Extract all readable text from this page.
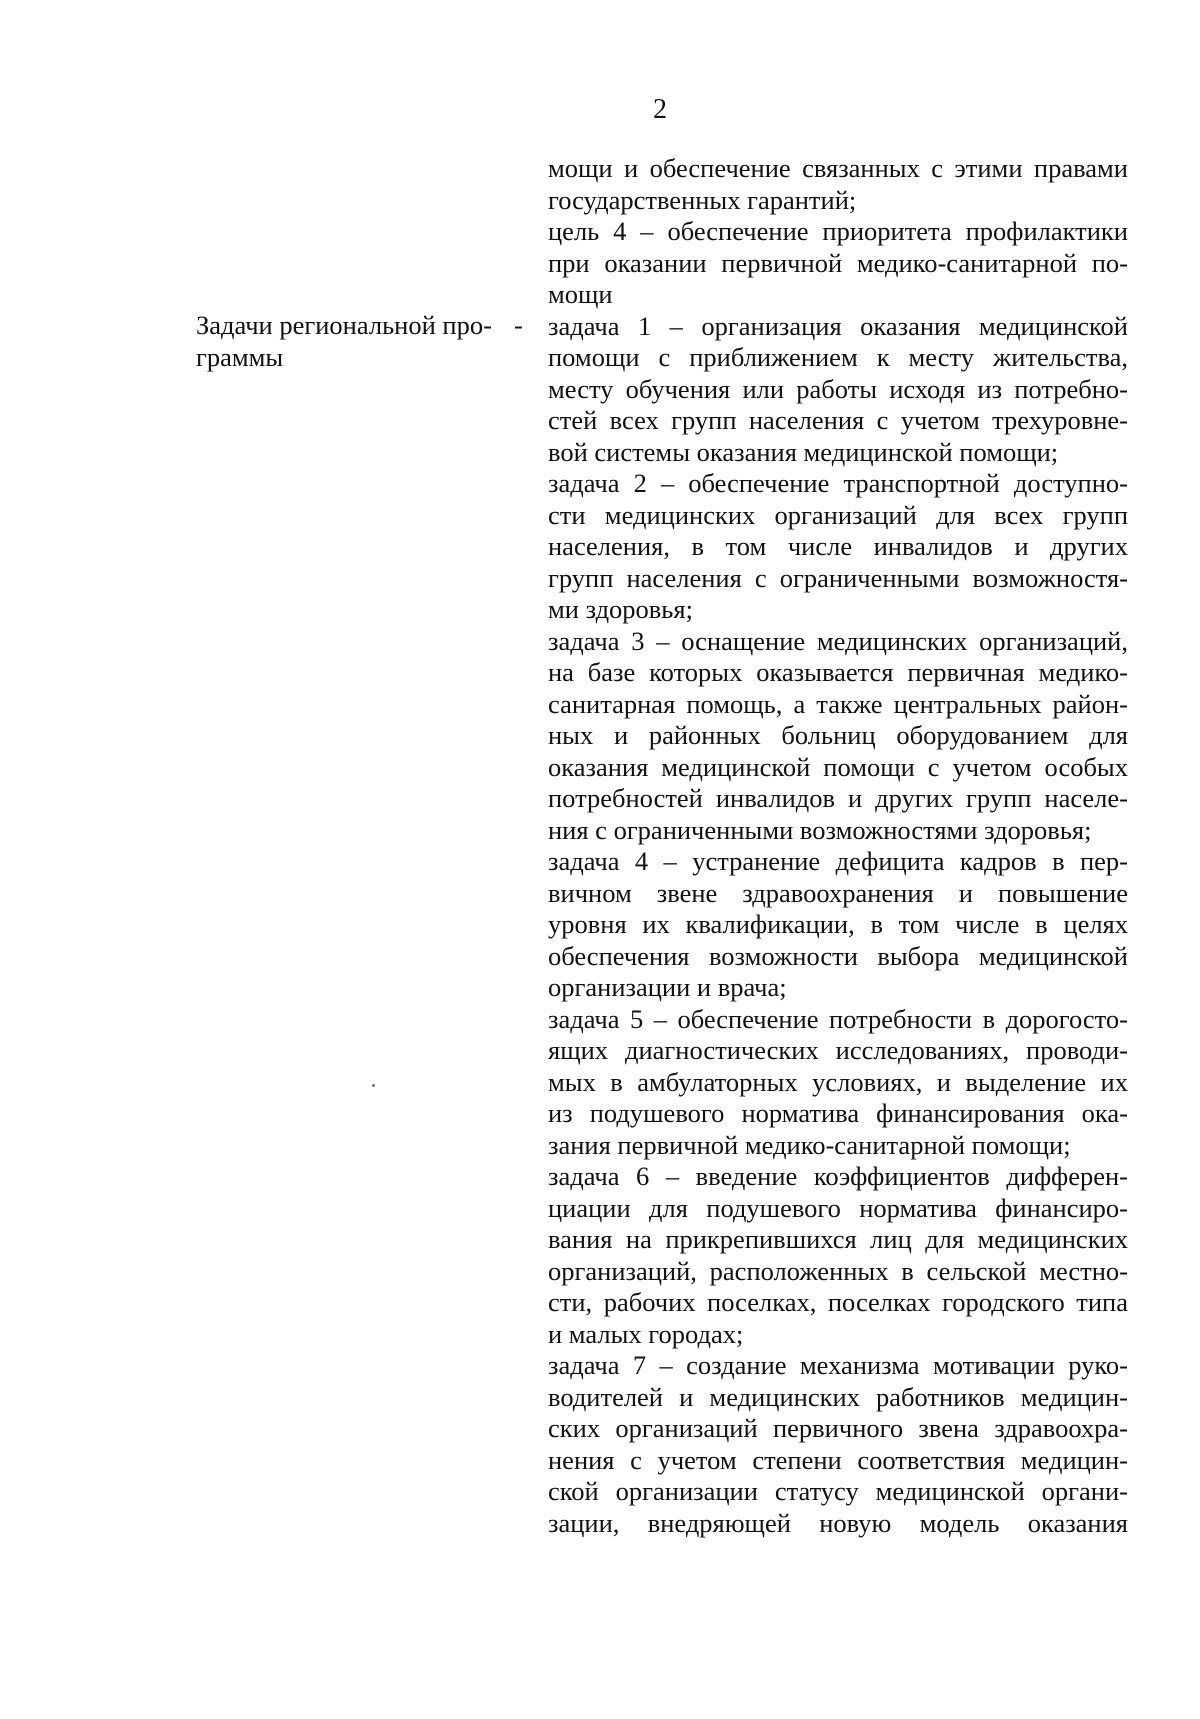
2
Задачи региональной про-
граммы
-
мощи и обеспечение связанных с этими правами
государственных гарантий;
цель 4 – обеспечение приоритета профилактики
при оказании первичной медико-санитарной по-
мощи
задача 1 – организация оказания медицинской
помощи с приближением к месту жительства,
месту обучения или работы исходя из потребно-
стей всех групп населения с учетом трехуровне-
вой системы оказания медицинской помощи;
задача 2 – обеспечение транспортной доступно-
сти медицинских организаций для всех групп
населения, в том числе инвалидов и других
групп населения с ограниченными возможностя-
ми здоровья;
задача 3 – оснащение медицинских организаций,
на базе которых оказывается первичная медико-
санитарная помощь, а также центральных район-
ных и районных больниц оборудованием для
оказания медицинской помощи с учетом особых
потребностей инвалидов и других групп населе-
ния с ограниченными возможностями здоровья;
задача 4 – устранение дефицита кадров в пер-
вичном звене здравоохранения и повышение
уровня их квалификации, в том числе в целях
обеспечения возможности выбора медицинской
организации и врача;
задача 5 – обеспечение потребности в дорогосто-
ящих диагностических исследованиях, проводи-
мых в амбулаторных условиях, и выделение их
из подушевого норматива финансирования ока-
зания первичной медико-санитарной помощи;
задача 6 – введение коэффициентов дифферен-
циации для подушевого норматива финансиро-
вания на прикрепившихся лиц для медицинских
организаций, расположенных в сельской местно-
сти, рабочих поселках, поселках городского типа
и малых городах;
задача 7 – создание механизма мотивации руко-
водителей и медицинских работников медицин-
ских организаций первичного звена здравоохра-
нения с учетом степени соответствия медицин-
ской организации статусу медицинской органи-
зации, внедряющей новую модель оказания
